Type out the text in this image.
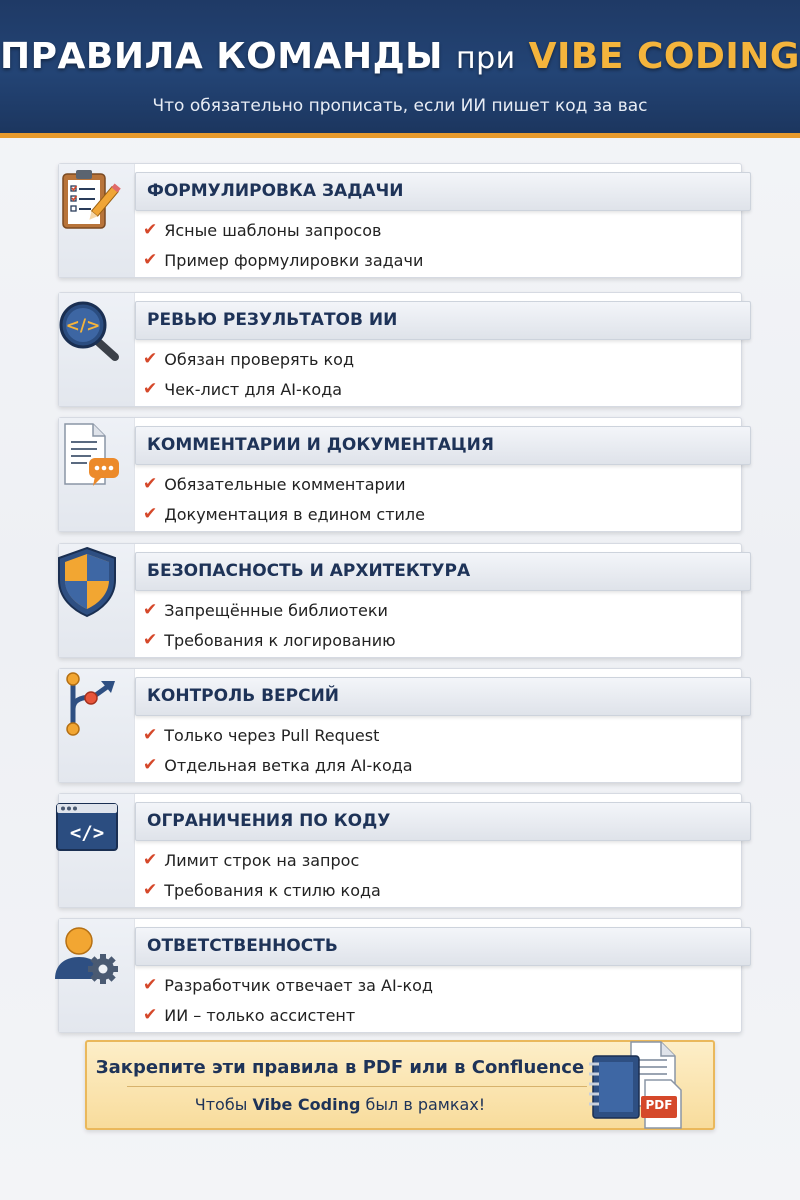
ПРАВИЛА КОМАНДЫ при VIBE CODING
Что обязательно прописать, если ИИ пишет код за вас
ФОРМУЛИРОВКА ЗАДАЧИ
✔ Ясные шаблоны запросов
✔ Пример формулировки задачи
РЕВЬЮ РЕЗУЛЬТАТОВ ИИ
✔ Обязан проверять код
✔ Чек-лист для AI-кода
</>
КОММЕНТАРИИ И ДОКУМЕНТАЦИЯ
✔ Обязательные комментарии
✔ Документация в едином стиле
БЕЗОПАСНОСТЬ И АРХИТЕКТУРА
✔ Запрещённые библиотеки
✔ Требования к логированию
КОНТРОЛЬ ВЕРСИЙ
✔ Только через Pull Request
✔ Отдельная ветка для AI-кода
ОГРАНИЧЕНИЯ ПО КОДУ
✔ Лимит строк на запрос
✔ Требования к стилю кода
</>
ОТВЕТСТВЕННОСТЬ
✔ Разработчик отвечает за AI-код
✔ ИИ – только ассистент
Закрепите эти правила в PDF или в Confluence
Чтобы Vibe Coding был в рамках!	PDF
